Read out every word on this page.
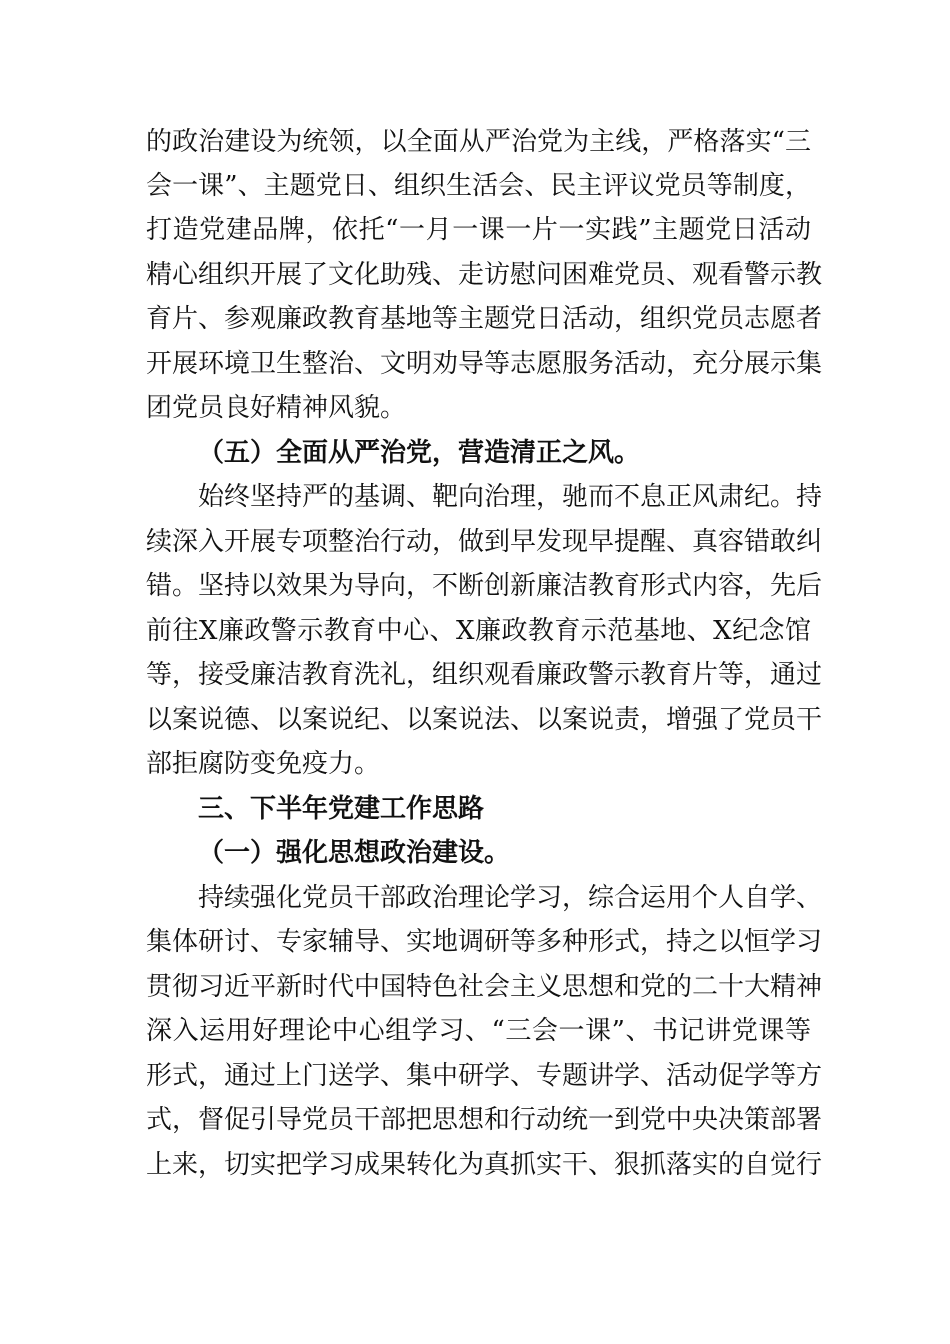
的政治建设为统领，以全面从严治党为主线，严格落实“三
会一课”、主题党日、组织生活会、民主评议党员等制度，
打造党建品牌，依托“一月一课一片一实践”主题党日活动
精心组织开展了文化助残、走访慰问困难党员、观看警示教
育片、参观廉政教育基地等主题党日活动，组织党员志愿者
开展环境卫生整治、文明劝导等志愿服务活动，充分展示集
团党员良好精神风貌。
（五）全面从严治党，营造清正之风。
始终坚持严的基调、靶向治理，驰而不息正风肃纪。持
续深入开展专项整治行动，做到早发现早提醒、真容错敢纠
错。坚持以效果为导向，不断创新廉洁教育形式内容，先后
前往X廉政警示教育中心、X廉政教育示范基地、X纪念馆
等，接受廉洁教育洗礼，组织观看廉政警示教育片等，通过
以案说德、以案说纪、以案说法、以案说责，增强了党员干
部拒腐防变免疫力。
三、下半年党建工作思路
（一）强化思想政治建设。
持续强化党员干部政治理论学习，综合运用个人自学、
集体研讨、专家辅导、实地调研等多种形式，持之以恒学习
贯彻习近平新时代中国特色社会主义思想和党的二十大精神
深入运用好理论中心组学习、“三会一课”、书记讲党课等
形式，通过上门送学、集中研学、专题讲学、活动促学等方
式，督促引导党员干部把思想和行动统一到党中央决策部署
上来，切实把学习成果转化为真抓实干、狠抓落实的自觉行
